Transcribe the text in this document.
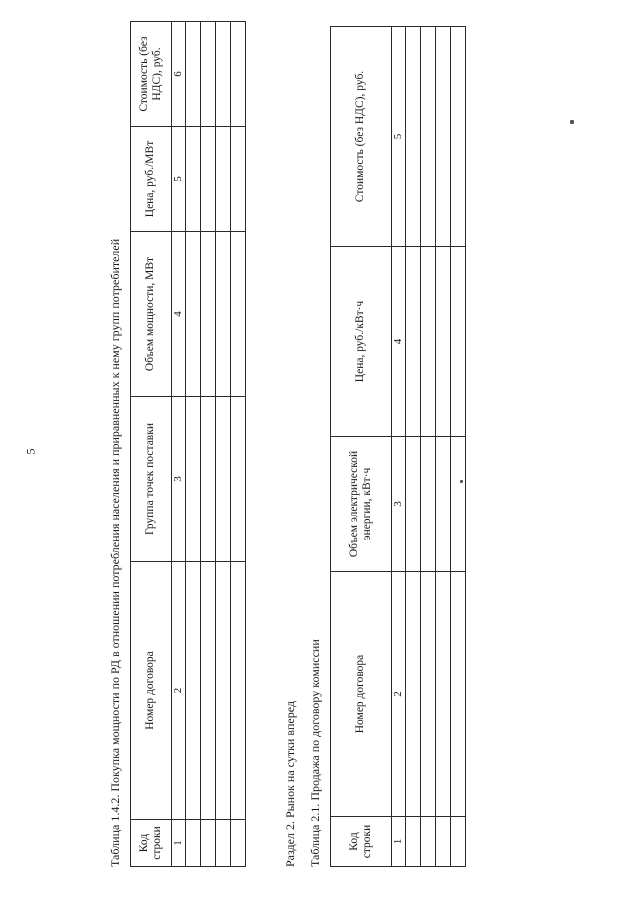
5	Таблица 1.4.2. Покупка мощности по РД в отношении потребления населения и приравненных к нему групп потребителей Код строки	Номер договора	Группа точек поставки	Объем мощности, МВт	Цена, руб./МВт	Стоимость (без НДС), руб.
1	2	3	4	5	6

Раздел 2. Рынок на сутки вперед Таблица 2.1. Продажа по договору комиссии Код строки	Номер договора	Объем электрической энергии, кВт·ч	Цена, руб./кВт·ч	Стоимость (без НДС), руб.
1	2	3	4	5
